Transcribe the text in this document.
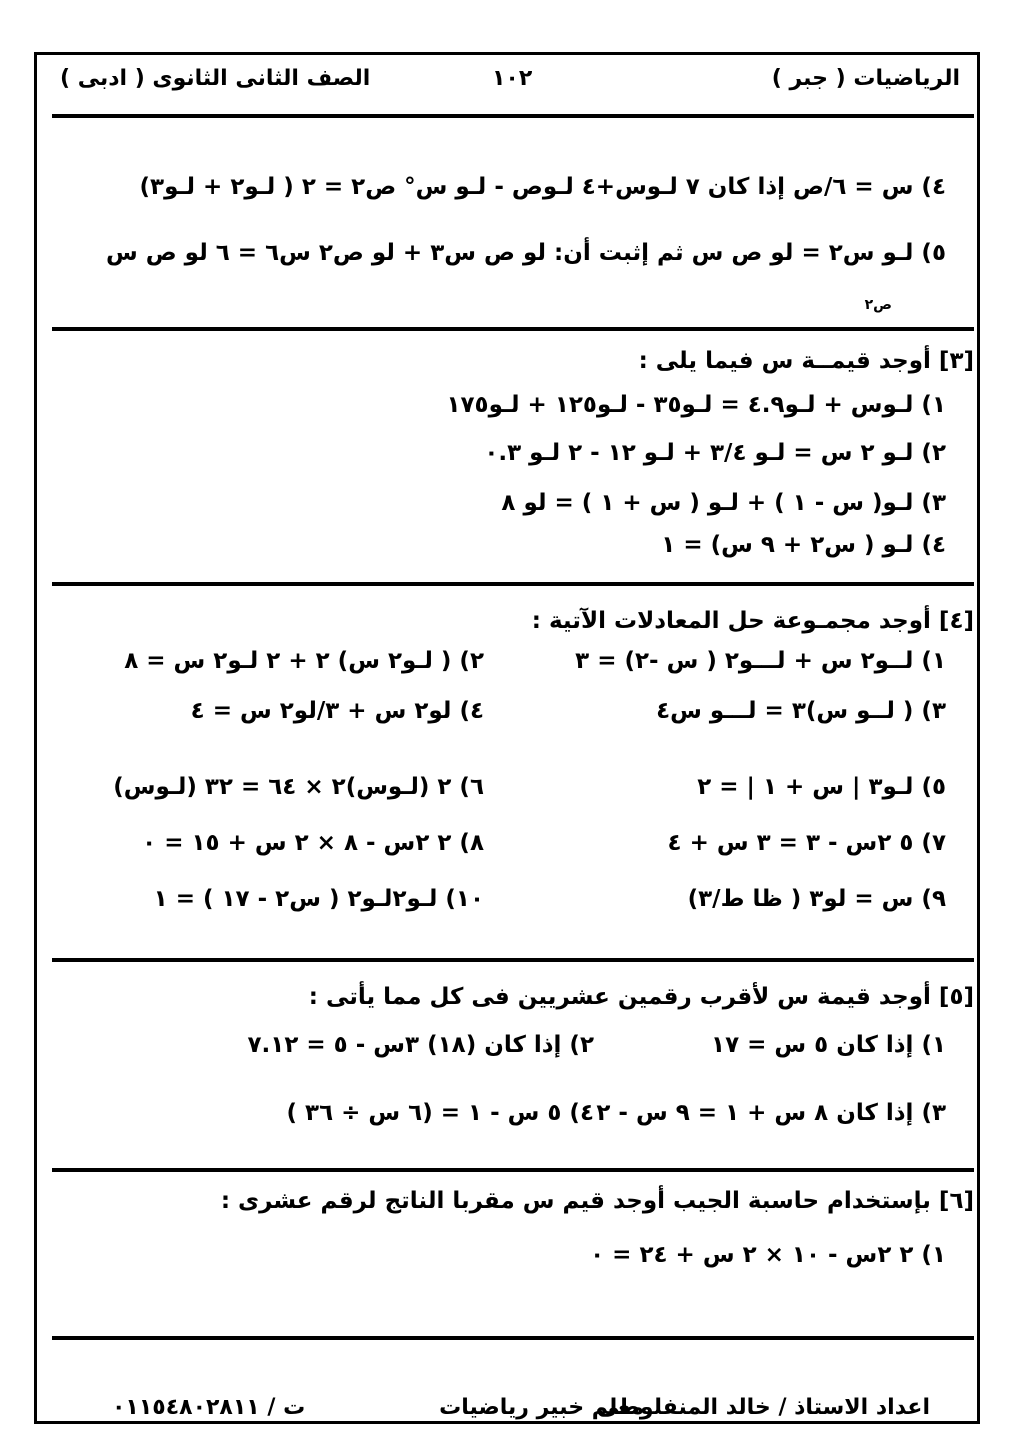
الرياضيات ( جبر )
١٠٢
الصف الثانى الثانوى ( ادبى )
٤) س = ٦/ص إذا كان ٧ لـوس+٤ لـوص - لـو س° ص٢ = ٢ ( لـو٢ + لـو٣)
٥) لـو س٢ = لو ص س ثم إثبت أن: لو ص س٣ + لو ص٢ س٦ = ٦ لو ص س
ص٢
[٣] أوجد قيمــة س فيما يلى :
١) لـوس + لـو٤.٩ = لـو٣٥ - لـو١٢٥ + لـو١٧٥
٢) لـو ٢ س = لـو ٣/٤ + لـو ١٢ - ٢ لـو ٠.٣
٣) لـو( س - ١ ) + لـو ( س + ١ ) = لو ٨
٤) لـو ( س٢ + ٩ س) = ١
[٤] أوجد مجمـوعة حل المعادلات الآتية :
١) لــو٢ س + لـــو٢ ( س -٢) = ٣
٢) ( لـو٢ س) ٢ + ٢ لـو٢ س = ٨
٣) ( لــو س)٣ = لـــو س٤
٤) لو٢ س + ٣/لو٢ س = ٤
٥) لـو٣ | س + ١ | = ٢
٦) ٢ (لـوس)٢ × ٦٤ = ٣٢ (لـوس)
٧) ٥ ٢س - ٣ = ٣ س + ٤
٨) ٢ ٢س - ٨ × ٢ س + ١٥ = ٠
٩) س = لو٣ ( ظا ط/٣)
١٠) لـو٢لـو٢ ( س٢ - ١٧ ) = ١
[٥] أوجد قيمة س لأقرب رقمين عشريين فى كل مما يأتى :
١) إذا كان ٥ س = ١٧
٢) إذا كان (١٨) ٣س - ٥ = ٧.١٢
٣) إذا كان ٨ س + ١ = ٩ س - ٢
٤) ٥ س - ١ = (٦ س ÷ ٣٦ )
[٦] بإستخدام حاسبة الجيب أوجد قيم س مقربا الناتج لرقم عشرى :
١) ٢ ٢س - ١٠ × ٢ س + ٢٤ = ٠
اعداد الاستاذ / خالد المنفلوطى
معلم خبير رياضيات
ت / ٠١١٥٤٨٠٢٨١١
